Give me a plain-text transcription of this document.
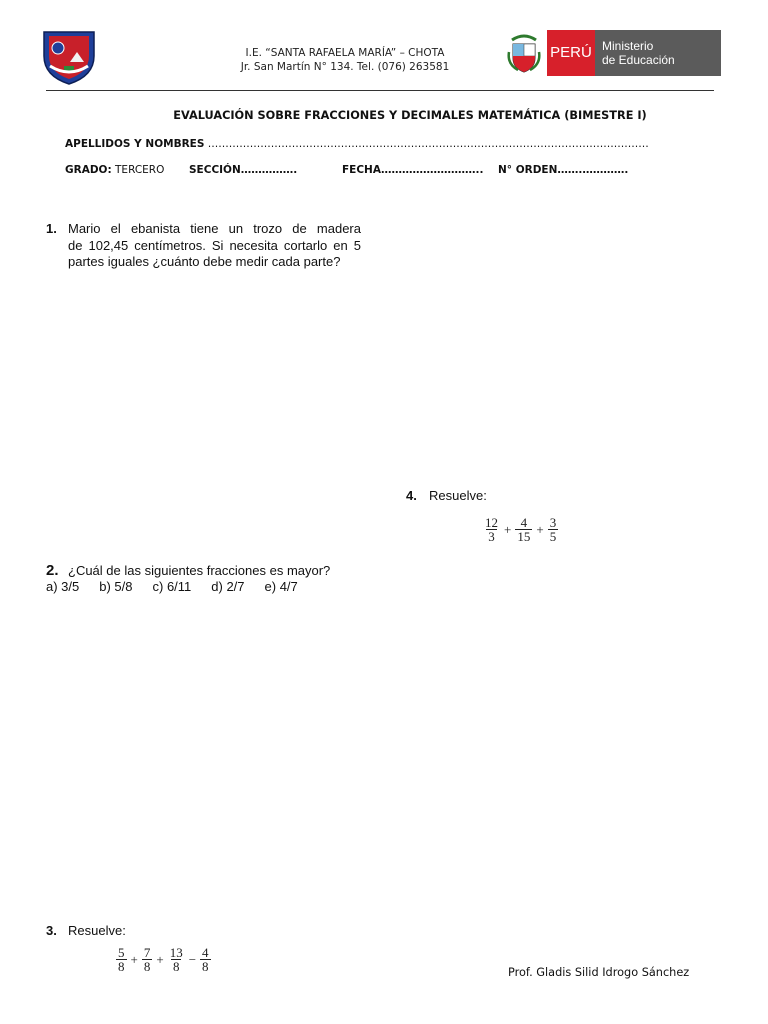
I.E. “SANTA RAFAELA MARÍA” – CHOTA
Jr. San Martín N° 134. Tel. (076) 263581
PERÚ Ministerio
de Educación
EVALUACIÓN SOBRE FRACCIONES Y DECIMALES MATEMÁTICA (BIMESTRE I)
APELLIDOS Y NOMBRES ………………………………………………………………………………………………………………
GRADO: TERCERO SECCIÓN…………….	FECHA……………………….. N° ORDEN…….………….
1. Mario el ebanista tiene un trozo de madera
de 102,45 centímetros. Si necesita cortarlo en 5
partes iguales ¿cuánto debe medir cada parte?
4. Resuelve:
$\frac{12}{3} + \frac{4}{15} + \frac{3}{5}$
2. ¿Cuál de las siguientes fracciones es mayor?
a) 3/5 b) 5/8 c) 6/11 d) 2/7 e) 4/7
3. Resuelve:
$\frac{5}{8} + \frac{7}{8} + \frac{13}{8} - \frac{4}{8}$	Prof. Gladis Silid Idrogo Sánchez
